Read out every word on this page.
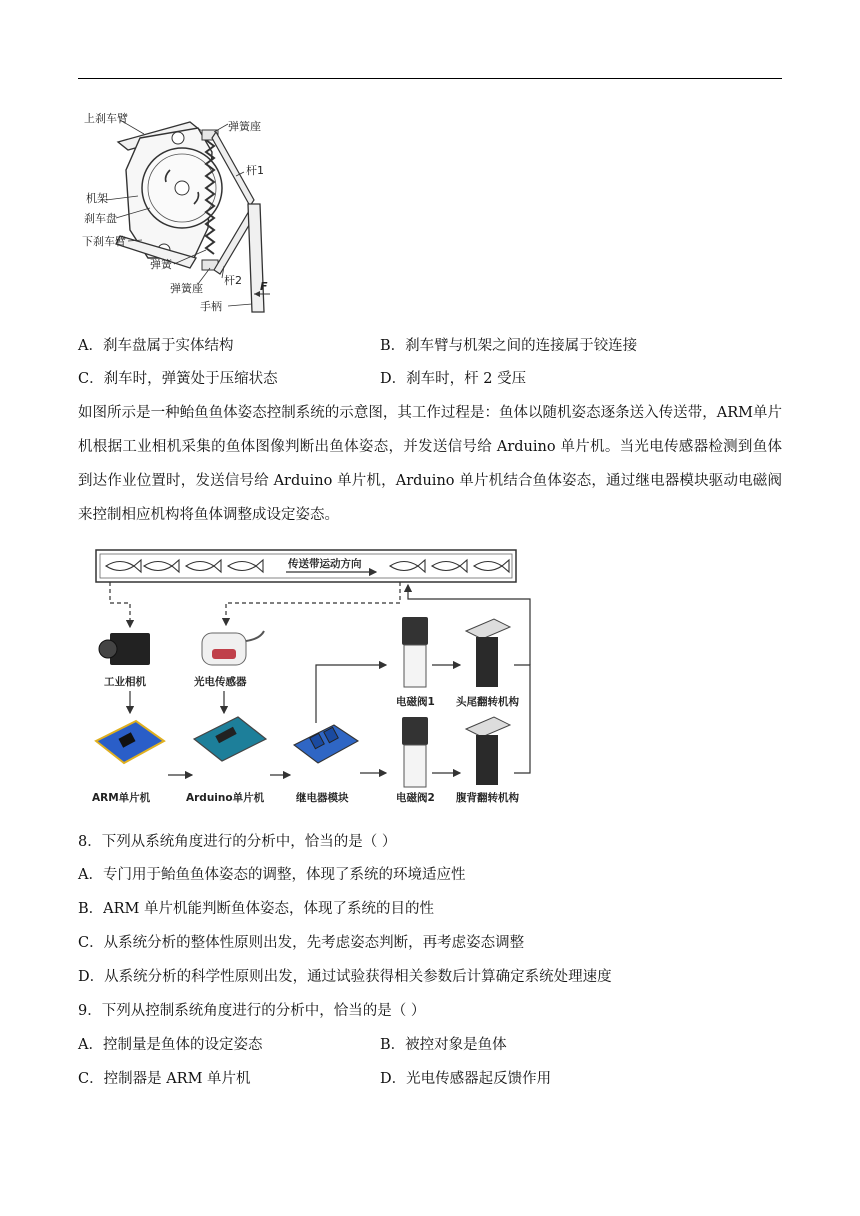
上刹车臂
弹簧座
杆1
机架
刹车盘
下刹车臂
弹簧
杆2
弹簧座
手柄
F
A．刹车盘属于实体结构	B．刹车臂与机架之间的连接属于铰连接
C．刹车时，弹簧处于压缩状态	D．刹车时，杆 2 受压
如图所示是一种鲐鱼鱼体姿态控制系统的示意图，其工作过程是：鱼体以随机姿态逐条送入传送带，ARM单片机根据工业相机采集的鱼体图像判断出鱼体姿态，并发送信号给 Arduino 单片机。当光电传感器检测到鱼体到达作业位置时，发送信号给 Arduino 单片机，Arduino 单片机结合鱼体姿态，通过继电器模块驱动电磁阀来控制相应机构将鱼体调整成设定姿态。
传送带运动方向
工业相机	光电传感器
ARM单片机	Arduino单片机	继电器模块
电磁阀1
电磁阀2
头尾翻转机构
腹背翻转机构
8．下列从系统角度进行的分析中，恰当的是（ ）
A．专门用于鲐鱼鱼体姿态的调整，体现了系统的环境适应性
B．ARM 单片机能判断鱼体姿态，体现了系统的目的性
C．从系统分析的整体性原则出发，先考虑姿态判断，再考虑姿态调整
D．从系统分析的科学性原则出发，通过试验获得相关参数后计算确定系统处理速度
9．下列从控制系统角度进行的分析中，恰当的是（ ）
A．控制量是鱼体的设定姿态	B．被控对象是鱼体
C．控制器是 ARM 单片机	D．光电传感器起反馈作用
